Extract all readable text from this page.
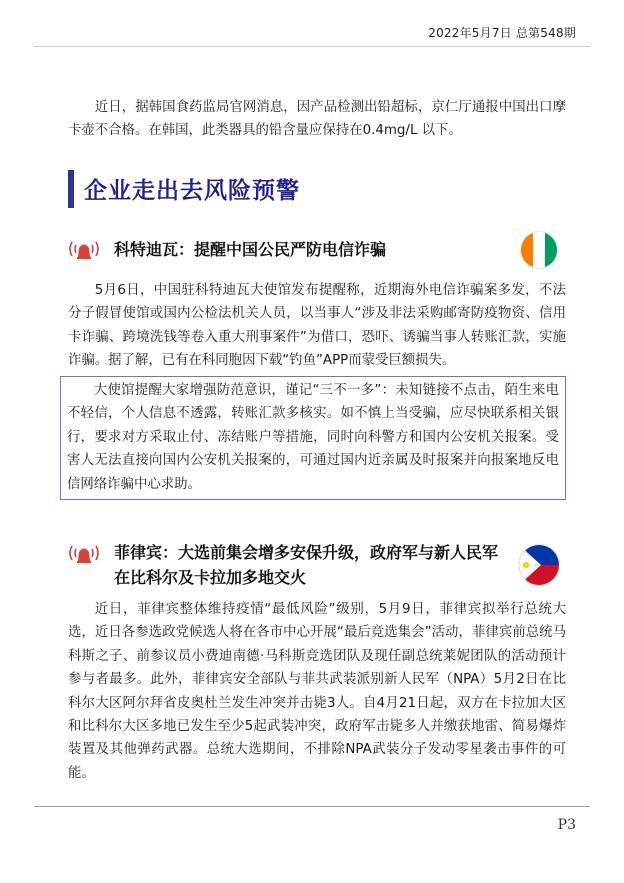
2022年5月7日 总第548期

近日，据韩国食药监局官网消息，因产品检测出铅超标，京仁厅通报中国出口摩卡壶不合格。在韩国，此类器具的铅含量应保持在0.4mg/L 以下。

企业走出去风险预警
科特迪瓦：提醒中国公民严防电信诈骗

5月6日，中国驻科特迪瓦大使馆发布提醒称，近期海外电信诈骗案多发，不法分子假冒使馆或国内公检法机关人员，以当事人“涉及非法采购邮寄防疫物资、信用卡诈骗、跨境洗钱等卷入重大刑事案件”为借口，恐吓、诱骗当事人转账汇款，实施诈骗。据了解，已有在科同胞因下载“钓鱼”APP而蒙受巨额损失。

大使馆提醒大家增强防范意识，谨记“三不一多”：未知链接不点击，陌生来电不轻信，个人信息不透露，转账汇款多核实。如不慎上当受骗，应尽快联系相关银行，要求对方采取止付、冻结账户等措施，同时向科警方和国内公安机关报案。受害人无法直接向国内公安机关报案的，可通过国内近亲属及时报案并向报案地反电信网络诈骗中心求助。

菲律宾：大选前集会增多安保升级，政府军与新人民军
在比科尔及卡拉加多地交火

近日，菲律宾整体维持疫情“最低风险”级别，5月9日，菲律宾拟举行总统大选，近日各参选政党候选人将在各市中心开展“最后竞选集会”活动，菲律宾前总统马科斯之子、前参议员小费迪南德·马科斯竞选团队及现任副总统莱妮团队的活动预计参与者最多。此外，菲律宾安全部队与菲共武装派别新人民军（NPA）5月2日在比科尔大区阿尔拜省皮奥杜兰发生冲突并击毙3人。自4月21日起，双方在卡拉加大区和比科尔大区多地已发生至少5起武装冲突，政府军击毙多人并缴获地雷、简易爆炸装置及其他弹药武器。总统大选期间，不排除NPA武装分子发动零星袭击事件的可能。

P3
